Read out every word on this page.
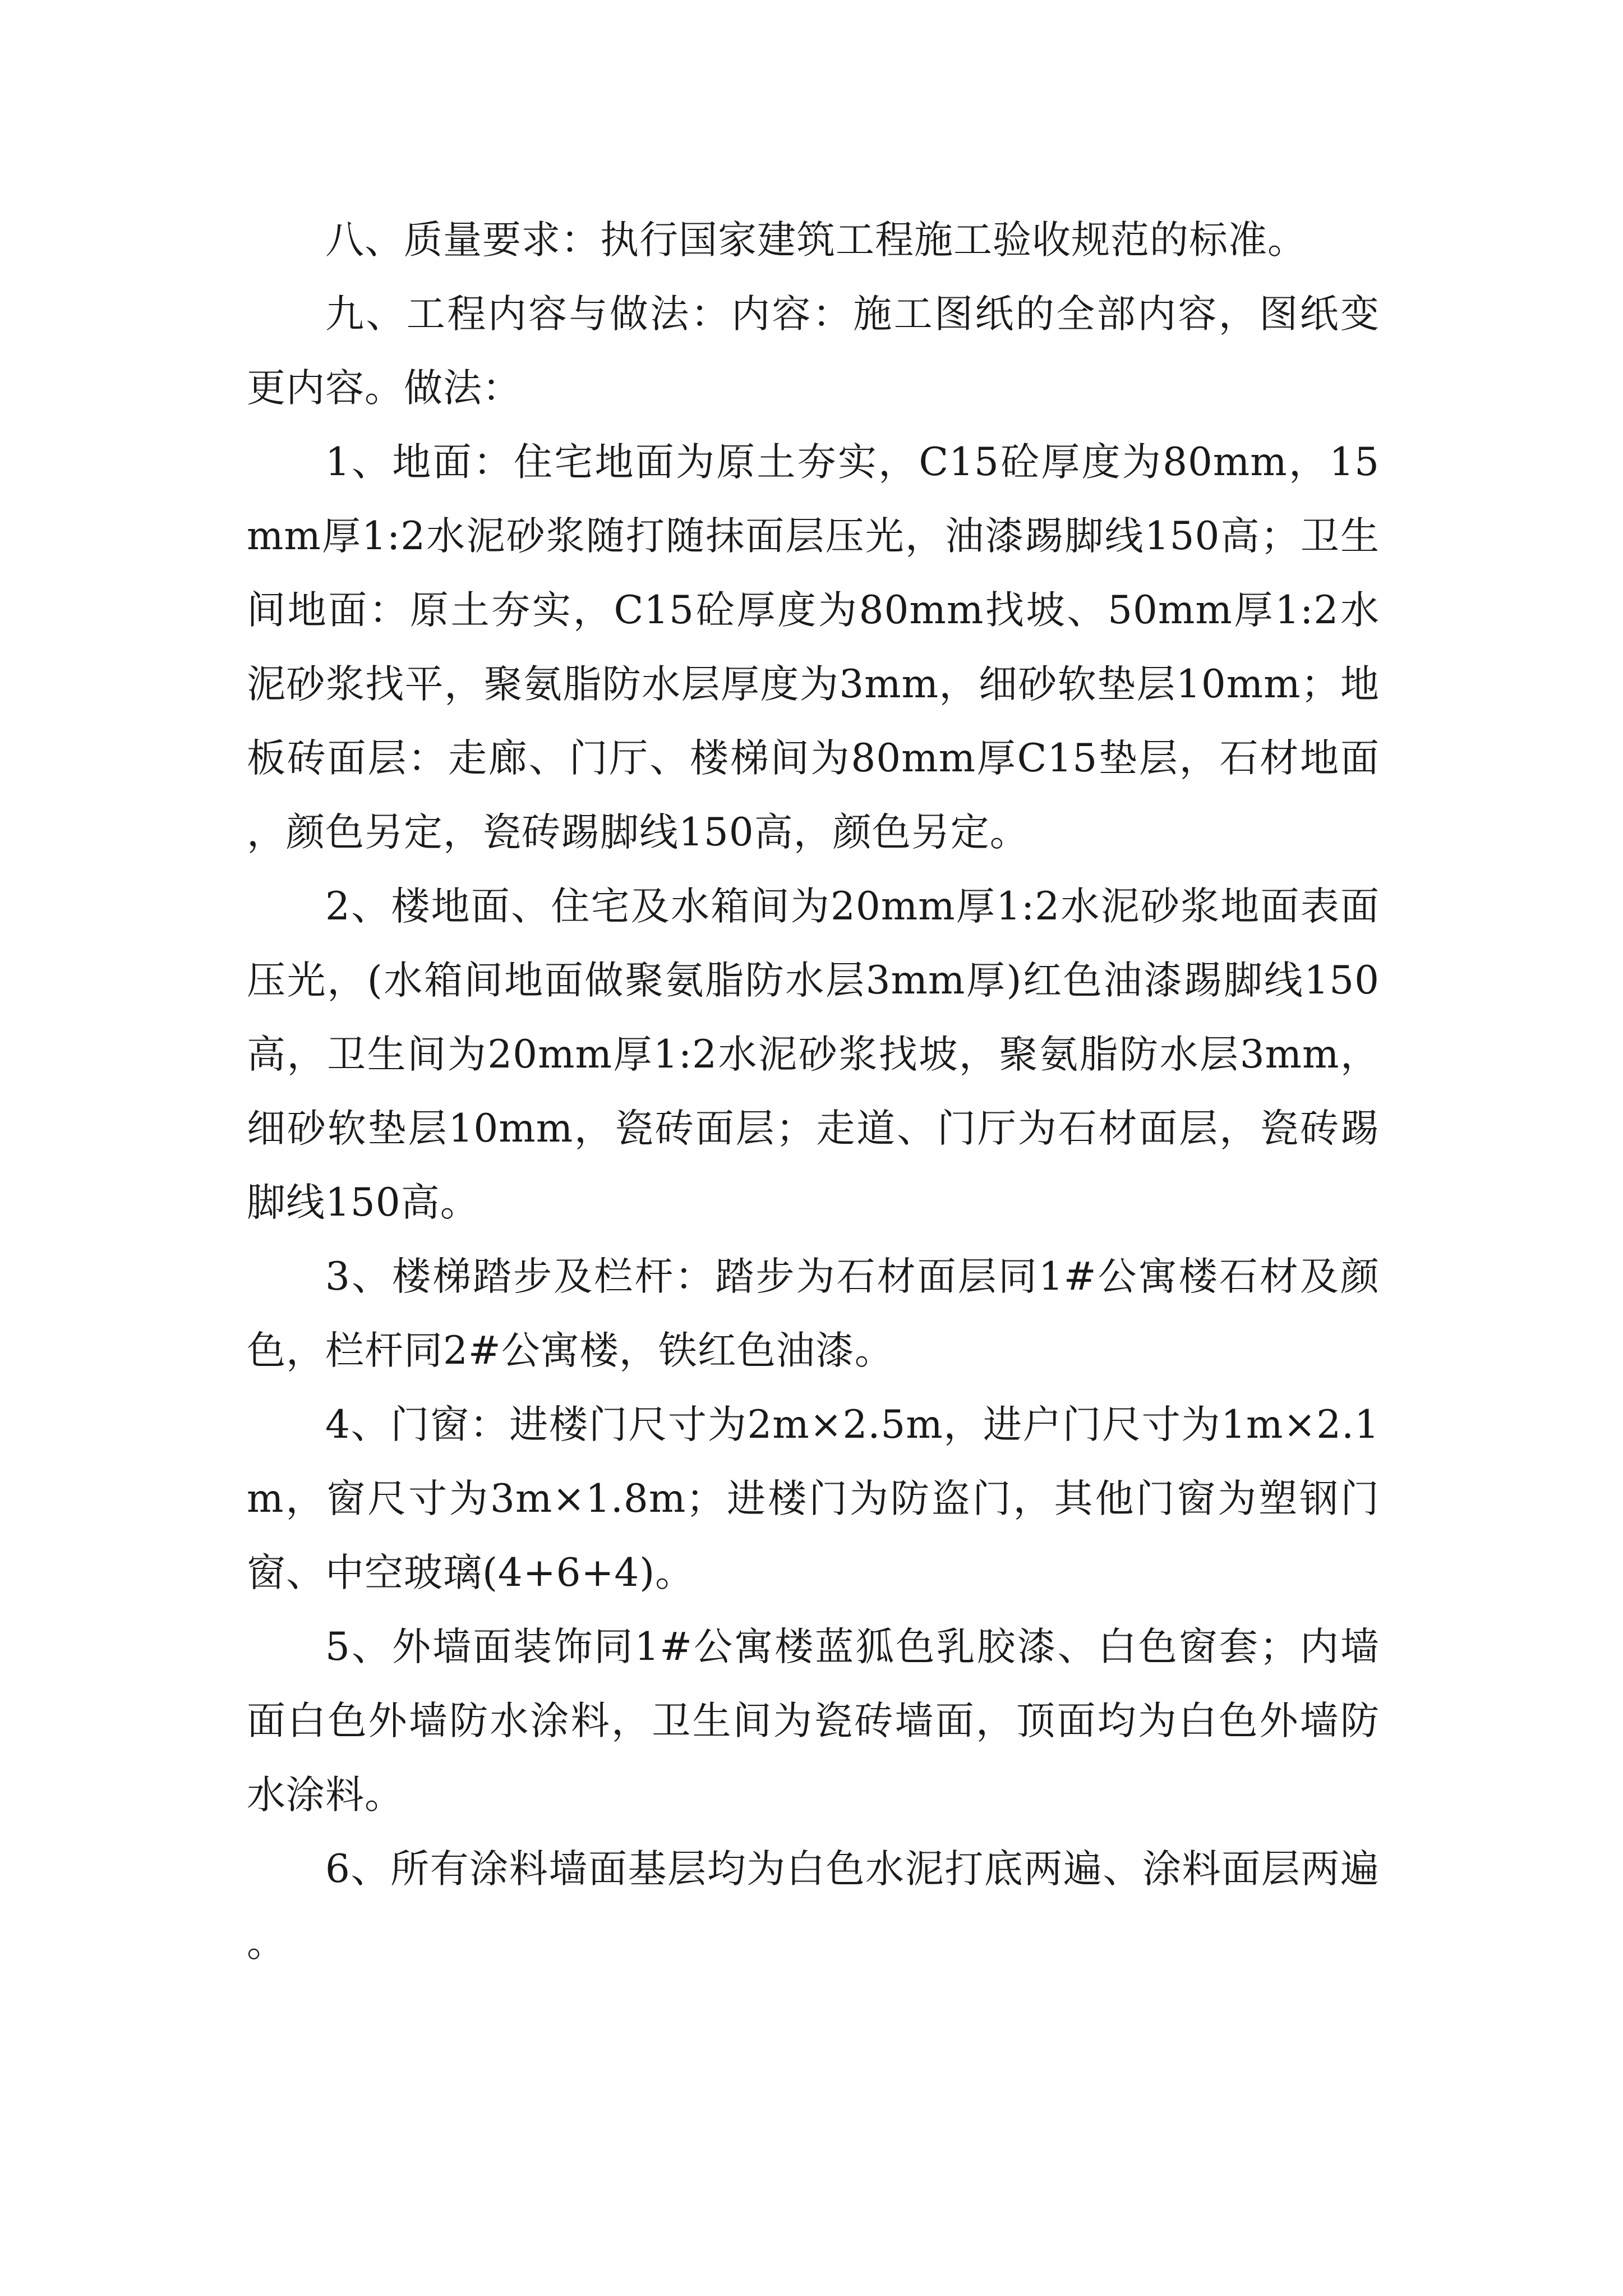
八、质量要求：执行国家建筑工程施工验收规范的标准。

九、工程内容与做法：内容：施工图纸的全部内容，图纸变更内容。做法：

1、地面：住宅地面为原土夯实，C15砼厚度为80mm，15mm厚1:2水泥砂浆随打随抹面层压光，油漆踢脚线150高；卫生间地面：原土夯实，C15砼厚度为80mm找坡、50mm厚1:2水泥砂浆找平，聚氨脂防水层厚度为3mm，细砂软垫层10mm；地板砖面层：走廊、门厅、楼梯间为80mm厚C15垫层，石材地面，颜色另定，瓷砖踢脚线150高，颜色另定。

2、楼地面、住宅及水箱间为20mm厚1:2水泥砂浆地面表面压光，(水箱间地面做聚氨脂防水层3mm厚)红色油漆踢脚线150高，卫生间为20mm厚1:2水泥砂浆找坡，聚氨脂防水层3mm，细砂软垫层10mm，瓷砖面层；走道、门厅为石材面层，瓷砖踢脚线150高。

3、楼梯踏步及栏杆：踏步为石材面层同1#公寓楼石材及颜色，栏杆同2#公寓楼，铁红色油漆。

4、门窗：进楼门尺寸为2m×2.5m，进户门尺寸为1m×2.1m，窗尺寸为3m×1.8m；进楼门为防盗门，其他门窗为塑钢门窗、中空玻璃(4+6+4)。

5、外墙面装饰同1#公寓楼蓝狐色乳胶漆、白色窗套；内墙面白色外墙防水涂料，卫生间为瓷砖墙面，顶面均为白色外墙防水涂料。

6、所有涂料墙面基层均为白色水泥打底两遍、涂料面层两遍。
